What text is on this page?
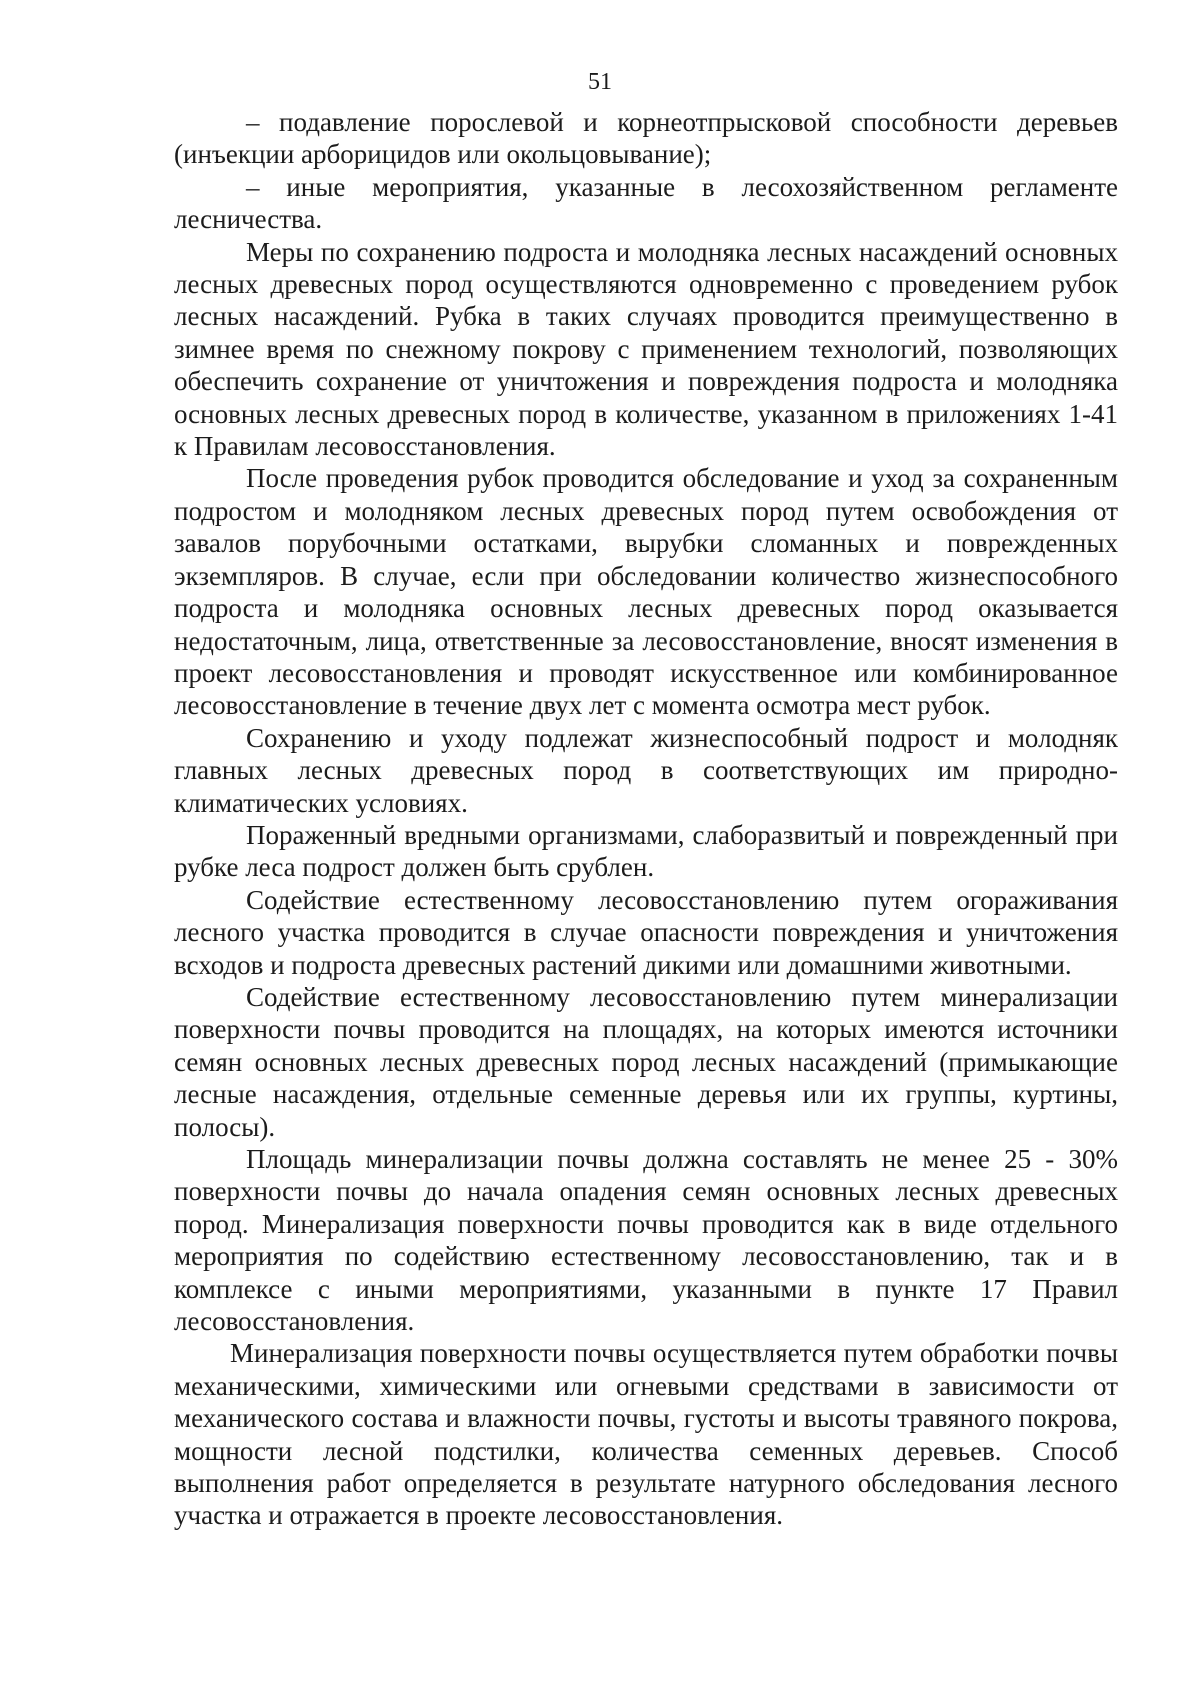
51

– подавление порослевой и корнеотпрысковой способности деревьев (инъекции арборицидов или окольцовывание);

– иные мероприятия, указанные в лесохозяйственном регламенте лесничества.

Меры по сохранению подроста и молодняка лесных насаждений основных лесных древесных пород осуществляются одновременно с проведением рубок лесных насаждений. Рубка в таких случаях проводится преимущественно в зимнее время по снежному покрову с применением технологий, позволяющих обеспечить сохранение от уничтожения и повреждения подроста и молодняка основных лесных древесных пород в количестве, указанном в приложениях 1-41 к Правилам лесовосстановления.

После проведения рубок проводится обследование и уход за сохраненным подростом и молодняком лесных древесных пород путем освобождения от завалов порубочными остатками, вырубки сломанных и поврежденных экземпляров. В случае, если при обследовании количество жизнеспособного подроста и молодняка основных лесных древесных пород оказывается недостаточным, лица, ответственные за лесовосстановление, вносят изменения в проект лесовосстановления и проводят искусственное или комбинированное лесовосстановление в течение двух лет с момента осмотра мест рубок.

Сохранению и уходу подлежат жизнеспособный подрост и молодняк главных лесных древесных пород в соответствующих им природно-климатических условиях.

Пораженный вредными организмами, слаборазвитый и поврежденный при рубке леса подрост должен быть срублен.

Содействие естественному лесовосстановлению путем огораживания лесного участка проводится в случае опасности повреждения и уничтожения всходов и подроста древесных растений дикими или домашними животными.

Содействие естественному лесовосстановлению путем минерализации поверхности почвы проводится на площадях, на которых имеются источники семян основных лесных древесных пород лесных насаждений (примыкающие лесные насаждения, отдельные семенные деревья или их группы, куртины, полосы).

Площадь минерализации почвы должна составлять не менее 25 - 30% поверхности почвы до начала опадения семян основных лесных древесных пород. Минерализация поверхности почвы проводится как в виде отдельного мероприятия по содействию естественному лесовосстановлению, так и в комплексе с иными мероприятиями, указанными в пункте 17 Правил лесовосстановления.

Минерализация поверхности почвы осуществляется путем обработки почвы механическими, химическими или огневыми средствами в зависимости от механического состава и влажности почвы, густоты и высоты травяного покрова, мощности лесной подстилки, количества семенных деревьев. Способ выполнения работ определяется в результате натурного обследования лесного участка и отражается в проекте лесовосстановления.
